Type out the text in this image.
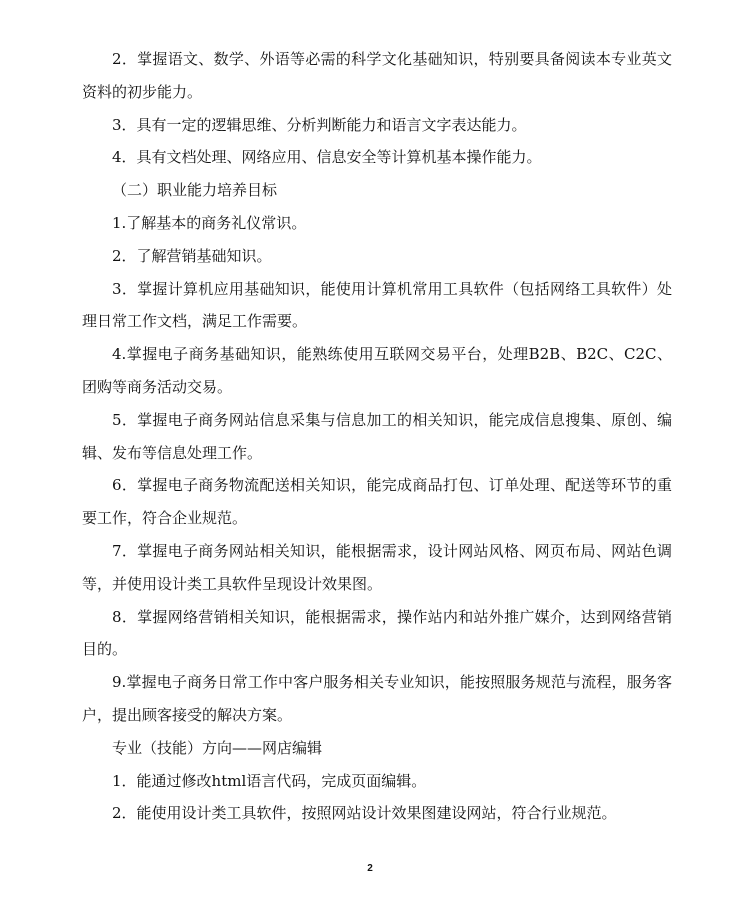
2．掌握语文、数学、外语等必需的科学文化基础知识，特别要具备阅读本专业英文资料的初步能力。

3．具有一定的逻辑思维、分析判断能力和语言文字表达能力。

4．具有文档处理、网络应用、信息安全等计算机基本操作能力。

（二）职业能力培养目标

1.了解基本的商务礼仪常识。

2．了解营销基础知识。

3．掌握计算机应用基础知识，能使用计算机常用工具软件（包括网络工具软件）处理日常工作文档，满足工作需要。

4.掌握电子商务基础知识，能熟练使用互联网交易平台，处理B2B、B2C、C2C、团购等商务活动交易。

5．掌握电子商务网站信息采集与信息加工的相关知识，能完成信息搜集、原创、编辑、发布等信息处理工作。

6．掌握电子商务物流配送相关知识，能完成商品打包、订单处理、配送等环节的重要工作，符合企业规范。

7．掌握电子商务网站相关知识，能根据需求，设计网站风格、网页布局、网站色调等，并使用设计类工具软件呈现设计效果图。

8．掌握网络营销相关知识，能根据需求，操作站内和站外推广媒介，达到网络营销目的。

9.掌握电子商务日常工作中客户服务相关专业知识，能按照服务规范与流程，服务客户，提出顾客接受的解决方案。

专业（技能）方向——网店编辑

1．能通过修改html语言代码，完成页面编辑。

2．能使用设计类工具软件，按照网站设计效果图建设网站，符合行业规范。

2
